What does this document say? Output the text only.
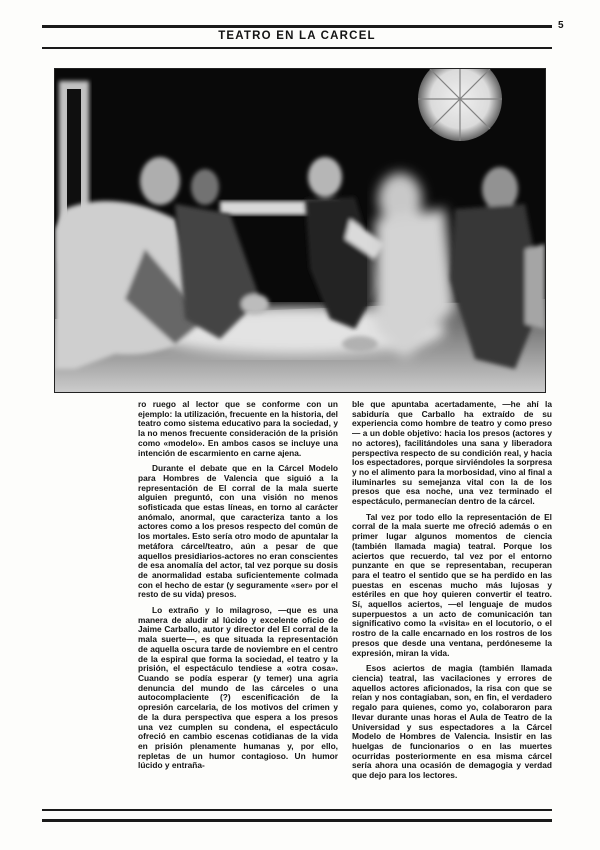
TEATRO EN LA CARCEL
5

ro ruego al lector que se conforme con un ejemplo: la utilización, frecuente en la historia, del teatro como sistema educativo para la sociedad, y la no menos frecuente consideración de la prisión como «modelo». En ambos casos se incluye una intención de escarmiento en carne ajena.

Durante el debate que en la Cárcel Modelo para Hombres de Valencia que siguió a la representación de El corral de la mala suerte alguien preguntó, con una visión no menos sofisticada que estas líneas, en torno al carácter anómalo, anormal, que caracteriza tanto a los actores como a los presos respecto del común de los mortales. Esto sería otro modo de apuntalar la metáfora cárcel/teatro, aún a pesar de que aquellos presidiarios-actores no eran conscientes de esa anomalía del actor, tal vez porque su dosis de anormalidad estaba suficientemente colmada con el hecho de estar (y seguramente «ser» por el resto de su vida) presos.

Lo extraño y lo milagroso, —que es una manera de aludir al lúcido y excelente oficio de Jaime Carballo, autor y director del El corral de la mala suerte—, es que situada la representación de aquella oscura tarde de noviembre en el centro de la espiral que forma la sociedad, el teatro y la prisión, el espectáculo tendiese a «otra cosa». Cuando se podía esperar (y temer) una agria denuncia del mundo de las cárceles o una autocomplaciente (?) escenificación de la opresión carcelaria, de los motivos del crimen y de la dura perspectiva que espera a los presos una vez cumplen su condena, el espectáculo ofreció en cambio escenas cotidianas de la vida en prisión plenamente humanas y, por ello, repletas de un humor contagioso. Un humor lúcido y entraña-

ble que apuntaba acertadamente, —he ahí la sabiduría que Carballo ha extraído de su experiencia como hombre de teatro y como preso— a un doble objetivo: hacia los presos (actores y no actores), facilitándoles una sana y liberadora perspectiva respecto de su condición real, y hacia los espectadores, porque sirviéndoles la sorpresa y no el alimento para la morbosidad, vino al final a iluminarles su semejanza vital con la de los presos que esa noche, una vez terminado el espectáculo, permanecían dentro de la cárcel.

Tal vez por todo ello la representación de El corral de la mala suerte me ofreció además o en primer lugar algunos momentos de ciencia (también llamada magia) teatral. Porque los aciertos que recuerdo, tal vez por el entorno punzante en que se representaban, recuperan para el teatro el sentido que se ha perdido en las puestas en escenas mucho más lujosas y estériles en que hoy quieren convertir el teatro. Sí, aquellos aciertos, —el lenguaje de mudos superpuestos a un acto de comunicación tan significativo como la «visita» en el locutorio, o el rostro de la calle encarnado en los rostros de los presos que desde una ventana, perdóneseme la expresión, miran la vida.

Esos aciertos de magia (también llamada ciencia) teatral, las vacilaciones y errores de aquellos actores aficionados, la risa con que se reían y nos contagiaban, son, en fin, el verdadero regalo para quienes, como yo, colaboraron para llevar durante unas horas el Aula de Teatro de la Universidad y sus espectadores a la Cárcel Modelo de Hombres de Valencia. Insistir en las huelgas de funcionarios o en las muertes ocurridas posteriormente en esa misma cárcel sería ahora una ocasión de demagogia y verdad que dejo para los lectores.
